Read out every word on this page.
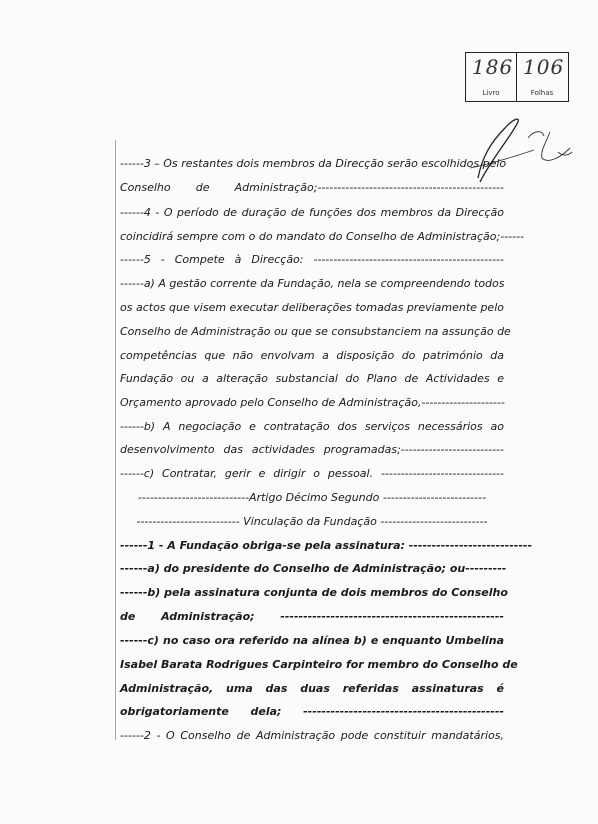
186
Livro
106
Folhas
------3 – Os restantes dois membros da Direcção serão escolhidos pelo
Conselho de Administração;-----------------------------------------------
------4 - O período de duração de funções dos membros da Direcção
coincidirá sempre com o do mandato do Conselho de Administração;------
------5 - Compete à Direcção: ------------------------------------------------
------a) A gestão corrente da Fundação, nela se compreendendo todos
os actos que visem executar deliberações tomadas previamente pelo
Conselho de Administração ou que se consubstanciem na assunção de
competências que não envolvam a disposição do património da
Fundação ou a alteração substancial do Plano de Actividades e
Orçamento aprovado pelo Conselho de Administração,---------------------
------b) A negociação e contratação dos serviços necessários ao
desenvolvimento das actividades programadas;--------------------------
------c) Contratar, gerir e dirigir o pessoal. -------------------------------
----------------------------Artigo Décimo Segundo --------------------------
-------------------------- Vinculação da Fundação ---------------------------
------1 - A Fundação obriga-se pela assinatura: ---------------------------
------a) do presidente do Conselho de Administração; ou---------
------b) pela assinatura conjunta de dois membros do Conselho
de Administração; -------------------------------------------------
------c) no caso ora referido na alínea b) e enquanto Umbelina
Isabel Barata Rodrigues Carpinteiro for membro do Conselho de
Administração, uma das duas referidas assinaturas é
obrigatoriamente dela; --------------------------------------------
------2 - O Conselho de Administração pode constituir mandatários,
